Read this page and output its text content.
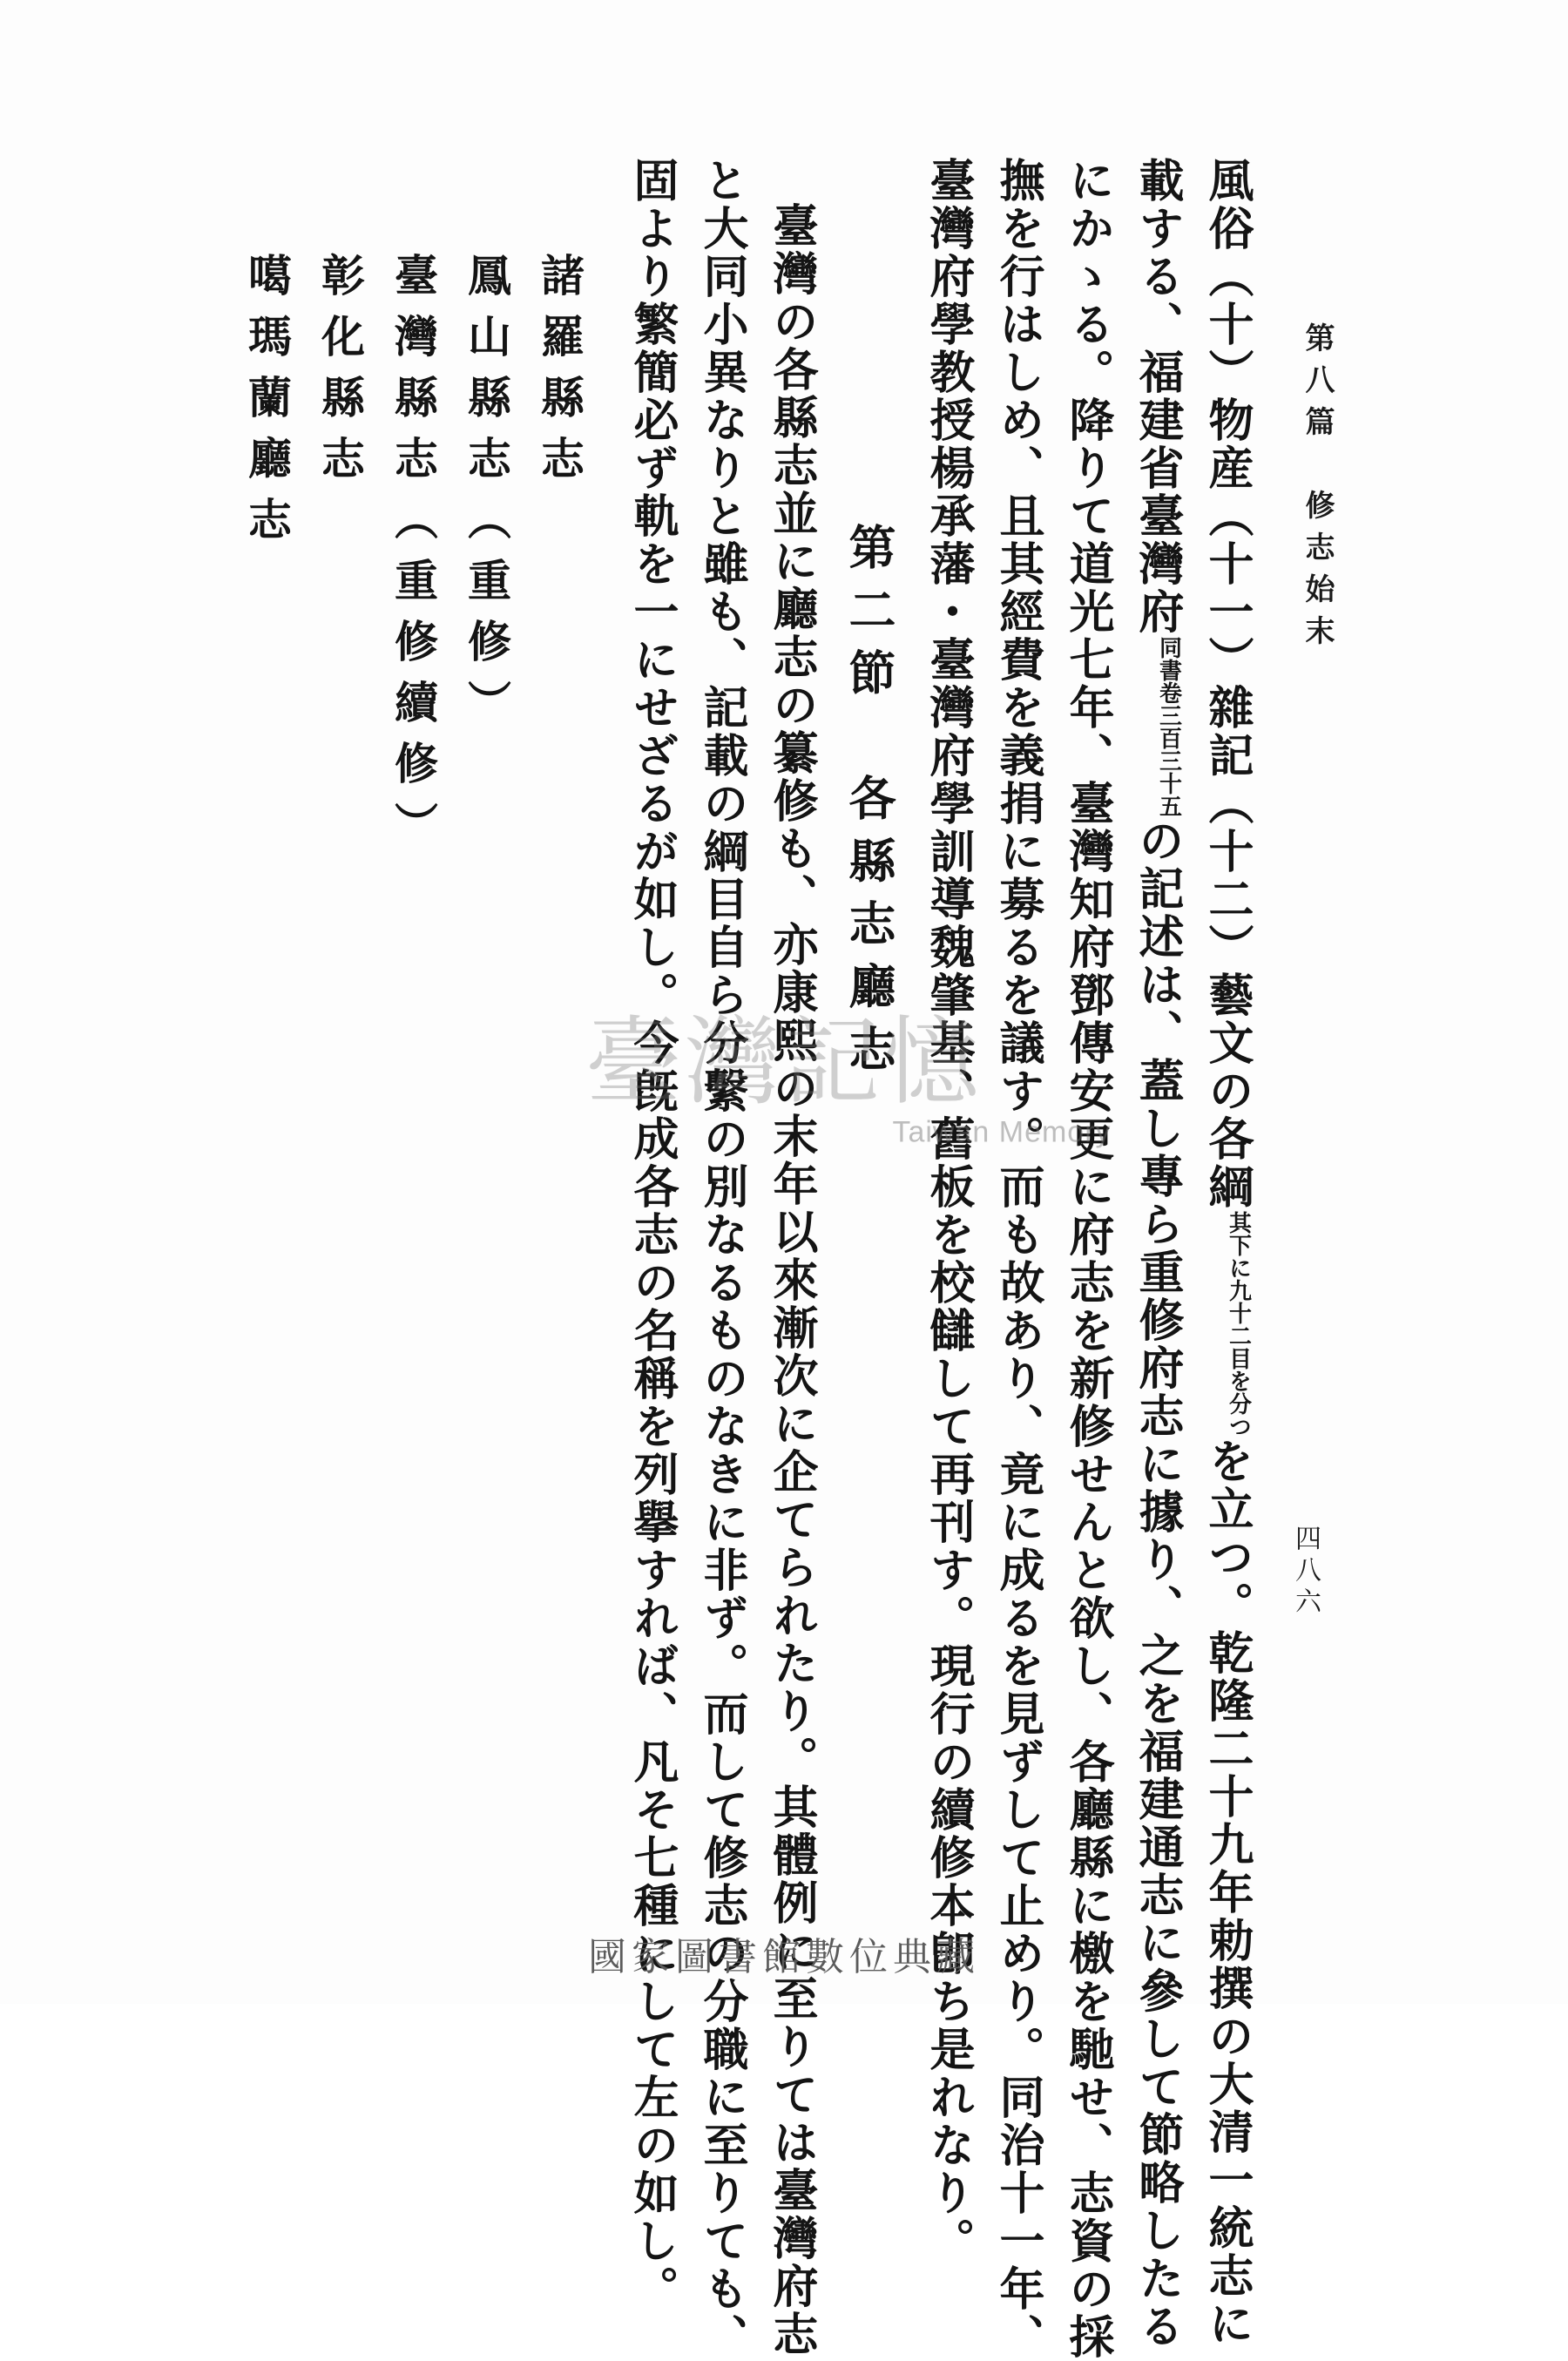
第八篇　修志始末
四八六
風俗（十）物産（十一）雜記（十二）藝文の各綱其下に九十二目を分つを立つ。乾隆二十九年勅撰の大清一統志に
載する、福建省臺灣府同書卷三百三十五の記述は、蓋し專ら重修府志に據り、之を福建通志に參して節略したる
にかゝる。降りて道光七年、臺灣知府鄧傳安更に府志を新修せんと欲し、各廳縣に檄を馳せ、志資の採
撫を行はしめ、且其經費を義捐に募るを議す。而も故あり、竟に成るを見ずして止めり。同治十一年、
臺灣府學教授楊承藩・臺灣府學訓導魏肇基、舊板を校讎して再刊す。現行の續修本卽ち是れなり。
第二節　各縣志廳志
臺灣の各縣志並に廳志の纂修も、亦康熙の末年以來漸次に企てられたり。其體例に至りては臺灣府志
と大同小異なりと雖も、記載の綱目自ら分繫の別なるものなきに非ず。而して修志の分職に至りても、
固より繁簡必ず軌を一にせざるが如し。今旣成各志の名稱を列擧すれば、凡そ七種にして左の如し。
諸羅縣志
鳳山縣志（重修）
臺灣縣志（重修續修）
彰化縣志
噶瑪蘭廳志
臺灣記憶
Taiwan Memory
國家圖書館數位典藏
